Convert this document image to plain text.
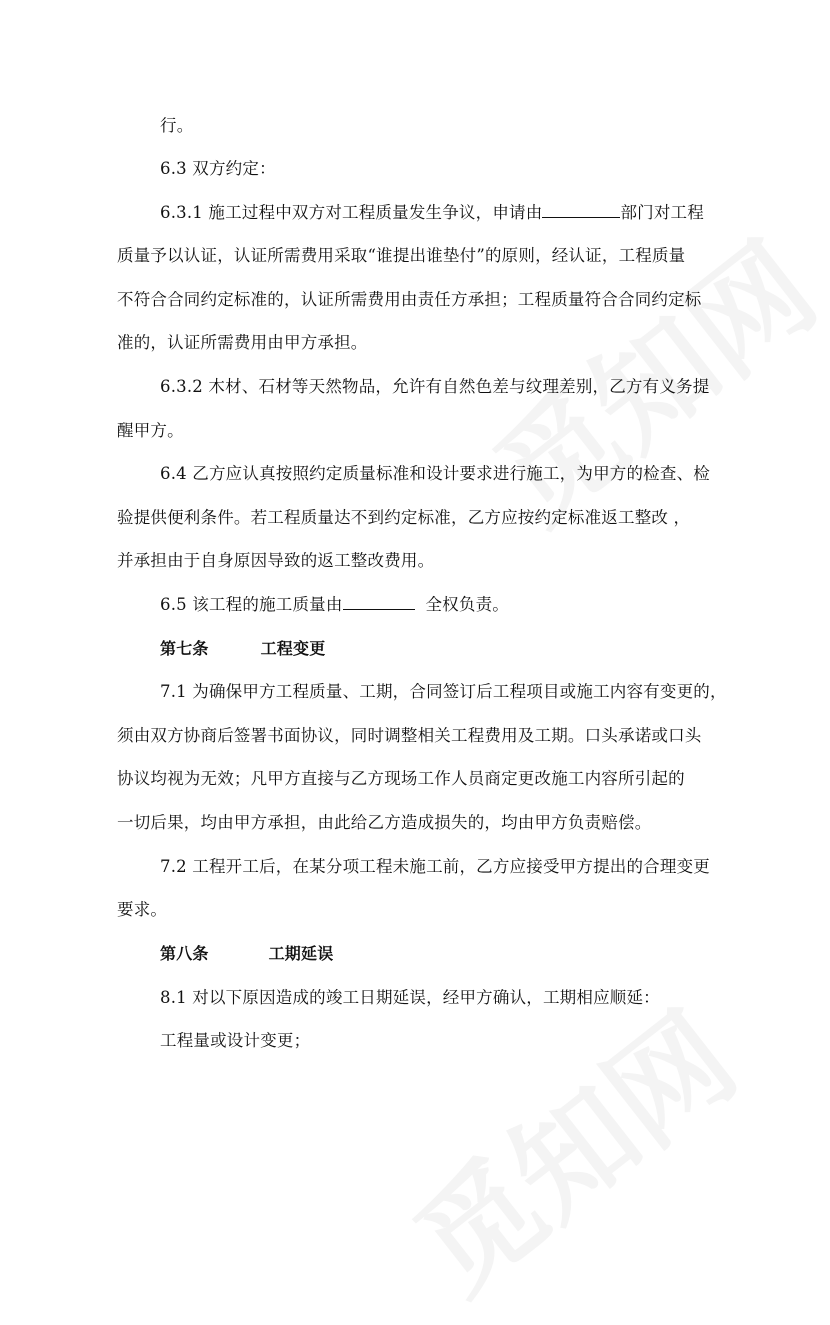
行。
6.3 双方约定：
6.3.1 施工过程中双方对工程质量发生争议，申请由	部门对工程
质量予以认证，认证所需费用采取“谁提出谁垫付”的原则，经认证，工程质量
不符合合同约定标准的，认证所需费用由责任方承担；工程质量符合合同约定标
准的，认证所需费用由甲方承担。
6.3.2 木材、石材等天然物品，允许有自然色差与纹理差别，乙方有义务提
醒甲方。
6.4 乙方应认真按照约定质量标准和设计要求进行施工，为甲方的检查、检
验提供便利条件。若工程质量达不到约定标准，乙方应按约定标准返工整改 ，
并承担由于自身原因导致的返工整改费用。
6.5 该工程的施工质量由	全权负责。
第七条	工程变更
7.1 为确保甲方工程质量、工期，合同签订后工程项目或施工内容有变更的，
须由双方协商后签署书面协议，同时调整相关工程费用及工期。口头承诺或口头
协议均视为无效；凡甲方直接与乙方现场工作人员商定更改施工内容所引起的
一切后果，均由甲方承担，由此给乙方造成损失的，均由甲方负责赔偿。
7.2 工程开工后，在某分项工程未施工前，乙方应接受甲方提出的合理变更
要求。
第八条	工期延误
8.1 对以下原因造成的竣工日期延误，经甲方确认，工期相应顺延：
工程量或设计变更；
